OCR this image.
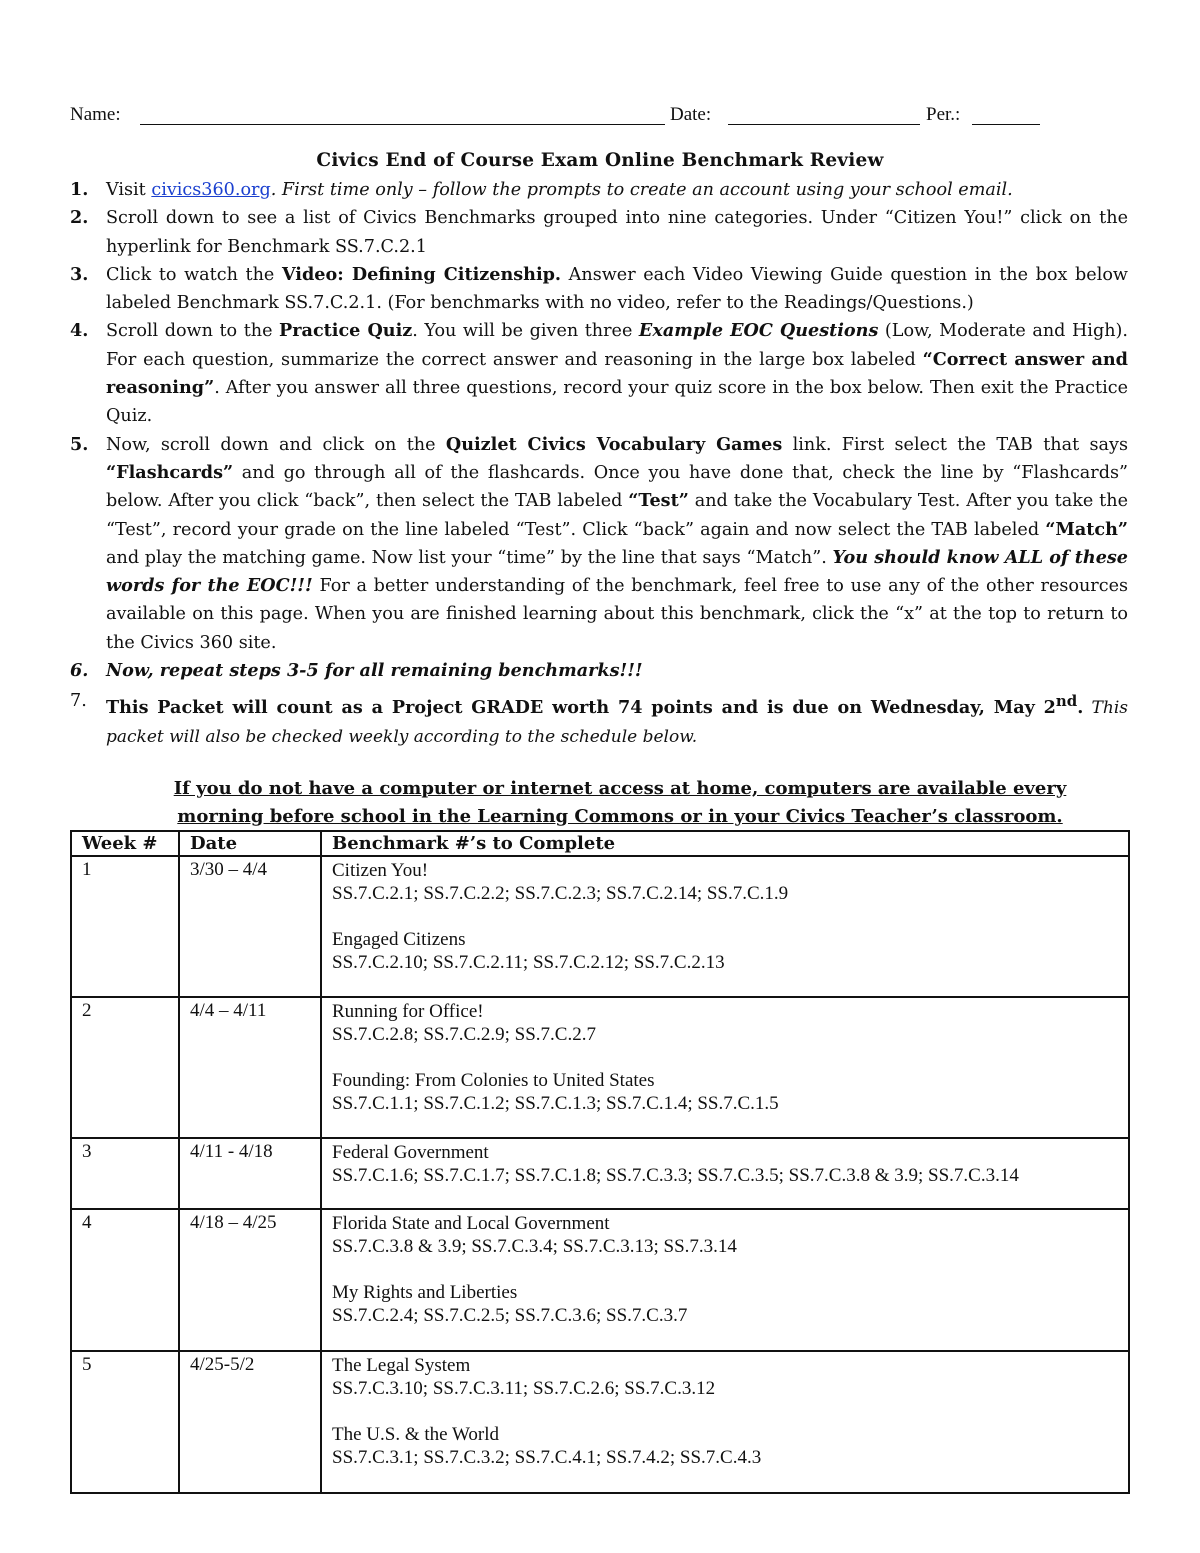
Name:	Date:	Per.:
Civics End of Course Exam Online Benchmark Review
1. Visit civics360.org. First time only – follow the prompts to create an account using your school email.
2. Scroll down to see a list of Civics Benchmarks grouped into nine categories. Under “Citizen You!” click on the hyperlink for Benchmark SS.7.C.2.1
3. Click to watch the Video: Defining Citizenship. Answer each Video Viewing Guide question in the box below labeled Benchmark SS.7.C.2.1. (For benchmarks with no video, refer to the Readings/Questions.)
4. Scroll down to the Practice Quiz. You will be given three Example EOC Questions (Low, Moderate and High). For each question, summarize the correct answer and reasoning in the large box labeled “Correct answer and reasoning”. After you answer all three questions, record your quiz score in the box below. Then exit the Practice Quiz.
5. Now, scroll down and click on the Quizlet Civics Vocabulary Games link. First select the TAB that says “Flashcards” and go through all of the flashcards. Once you have done that, check the line by “Flashcards” below. After you click “back”, then select the TAB labeled “Test” and take the Vocabulary Test. After you take the “Test”, record your grade on the line labeled “Test”. Click “back” again and now select the TAB labeled “Match” and play the matching game. Now list your “time” by the line that says “Match”. You should know ALL of these words for the EOC!!! For a better understanding of the benchmark, feel free to use any of the other resources available on this page. When you are finished learning about this benchmark, click the “x” at the top to return to the Civics 360 site.
6. Now, repeat steps 3-5 for all remaining benchmarks!!!
7. This Packet will count as a Project GRADE worth 74 points and is due on Wednesday, May 2nd. This packet will also be checked weekly according to the schedule below.
If you do not have a computer or internet access at home, computers are available every morning before school in the Learning Commons or in your Civics Teacher’s classroom.
Week #	Date	Benchmark #’s to Complete
1	3/30 – 4/4	Citizen You!
SS.7.C.2.1; SS.7.C.2.2; SS.7.C.2.3; SS.7.C.2.14; SS.7.C.1.9
Engaged Citizens
SS.7.C.2.10; SS.7.C.2.11; SS.7.C.2.12; SS.7.C.2.13

2	4/4 – 4/11	Running for Office!
SS.7.C.2.8; SS.7.C.2.9; SS.7.C.2.7
Founding: From Colonies to United States
SS.7.C.1.1; SS.7.C.1.2; SS.7.C.1.3; SS.7.C.1.4; SS.7.C.1.5

3	4/11 - 4/18	Federal Government
SS.7.C.1.6; SS.7.C.1.7; SS.7.C.1.8; SS.7.C.3.3; SS.7.C.3.5; SS.7.C.3.8 & 3.9; SS.7.C.3.14

4	4/18 – 4/25	Florida State and Local Government
SS.7.C.3.8 & 3.9; SS.7.C.3.4; SS.7.C.3.13; SS.7.3.14
My Rights and Liberties
SS.7.C.2.4; SS.7.C.2.5; SS.7.C.3.6; SS.7.C.3.7

5	4/25-5/2	The Legal System
SS.7.C.3.10; SS.7.C.3.11; SS.7.C.2.6; SS.7.C.3.12
The U.S. & the World
SS.7.C.3.1; SS.7.C.3.2; SS.7.C.4.1; SS.7.4.2; SS.7.C.4.3
